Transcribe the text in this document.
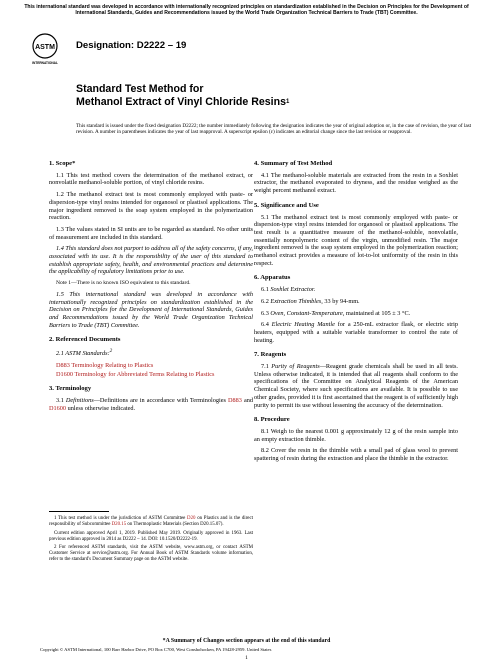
This international standard was developed in accordance with internationally recognized principles on standardization established in the Decision on Principles for the Development of International Standards, Guides and Recommendations issued by the World Trade Organization Technical Barriers to Trade (TBT) Committee.
ASTM
INTERNATIONAL
Designation: D2222 – 19
Standard Test Method for
Methanol Extract of Vinyl Chloride Resins$^1$
This standard is issued under the fixed designation D2222; the number immediately following the designation indicates the year of original adoption or, in the case of revision, the year of last revision. A number in parentheses indicates the year of last reapproval. A superscript epsilon (ε) indicates an editorial change since the last revision or reapproval.
1. Scope*

1.1 This test method covers the determination of the methanol extract, or nonvolatile methanol-soluble portion, of vinyl chloride resins.

1.2 The methanol extract test is most commonly employed with paste- or dispersion-type vinyl resins intended for organosol or plastisol applications. The major ingredient removed is the soap system employed in the polymerization reaction.

1.3 The values stated in SI units are to be regarded as standard. No other units of measurement are included in this standard.

1.4 This standard does not purport to address all of the safety concerns, if any, associated with its use. It is the responsibility of the user of this standard to establish appropriate safety, health, and environmental practices and determine the applicability of regulatory limitations prior to use.

Note 1—There is no known ISO equivalent to this standard.

1.5 This international standard was developed in accordance with internationally recognized principles on standardization established in the Decision on Principles for the Development of International Standards, Guides and Recommendations issued by the World Trade Organization Technical Barriers to Trade (TBT) Committee.

2. Referenced Documents

2.1 ASTM Standards:$^2$

D883 Terminology Relating to Plastics

D1600 Terminology for Abbreviated Terms Relating to Plastics

3. Terminology

3.1 Definitions—Definitions are in accordance with Terminologies D883 and D1600 unless otherwise indicated.

1 This test method is under the jurisdiction of ASTM Committee D20 on Plastics and is the direct responsibility of Subcommittee D20.15 on Thermoplastic Materials (Section D20.15.07).

Current edition approved April 1, 2019. Published May 2019. Originally approved in 1963. Last previous edition approved in 2014 as D2222 – 14. DOI: 10.1520/D2222-19.

2 For referenced ASTM standards, visit the ASTM website, www.astm.org, or contact ASTM Customer Service at service@astm.org. For Annual Book of ASTM Standards volume information, refer to the standard's Document Summary page on the ASTM website.

4. Summary of Test Method

4.1 The methanol-soluble materials are extracted from the resin in a Soxhlet extractor, the methanol evaporated to dryness, and the residue weighed as the weight percent methanol extract.

5. Significance and Use

5.1 The methanol extract test is most commonly employed with paste- or dispersion-type vinyl resins intended for organosol or plastisol applications. The test result is a quantitative measure of the methanol-soluble, nonvolatile, essentially nonpolymeric content of the virgin, unmodified resin. The major ingredient removed is the soap system employed in the polymerization reaction; methanol extract provides a measure of lot-to-lot uniformity of the resin in this respect.

6. Apparatus

6.1 Soxhlet Extractor.

6.2 Extraction Thimbles, 33 by 94-mm.

6.3 Oven, Constant-Temperature, maintained at 105 ± 3 °C.

6.4 Electric Heating Mantle for a 250-mL extractor flask, or electric strip heaters, equipped with a suitable variable transformer to control the rate of heating.

7. Reagents

7.1 Purity of Reagents—Reagent grade chemicals shall be used in all tests. Unless otherwise indicated, it is intended that all reagents shall conform to the specifications of the Committee on Analytical Reagents of the American Chemical Society, where such specifications are available. It is possible to use other grades, provided it is first ascertained that the reagent is of sufficiently high purity to permit its use without lessening the accuracy of the determination.

8. Procedure

8.1 Weigh to the nearest 0.001 g approximately 12 g of the resin sample into an empty extraction thimble.

8.2 Cover the resin in the thimble with a small pad of glass wool to prevent spattering of resin during the extraction and place the thimble in the extractor.

*A Summary of Changes section appears at the end of this standard
Copyright © ASTM International, 100 Barr Harbor Drive, PO Box C700, West Conshohocken, PA 19428-2959. United States
1
